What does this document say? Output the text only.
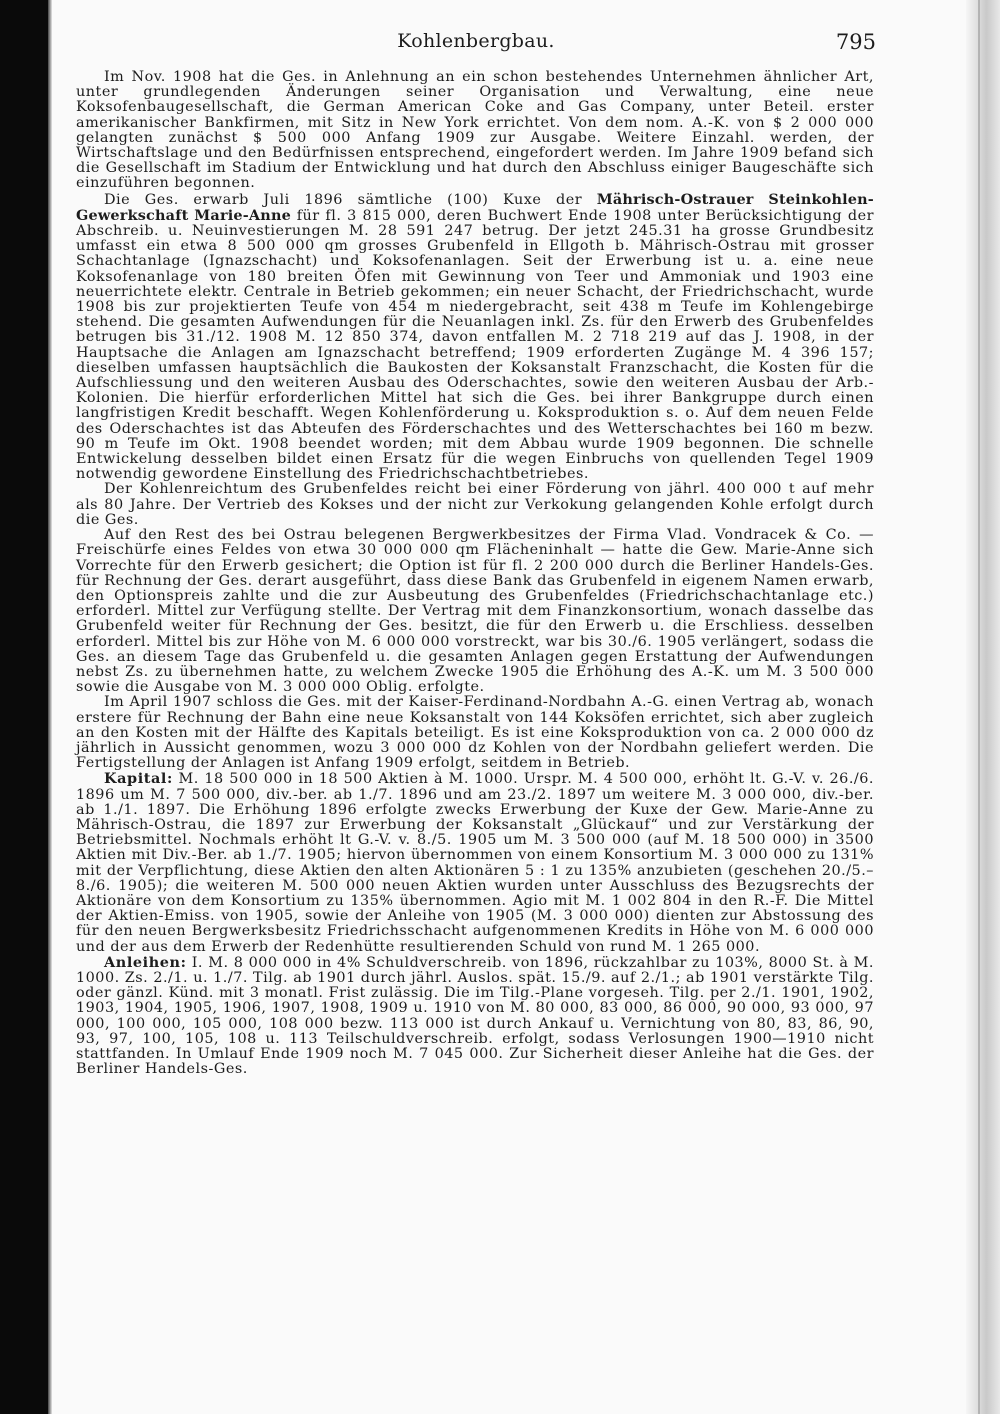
Kohlenbergbau.	795

Im Nov. 1908 hat die Ges. in Anlehnung an ein schon bestehendes Unternehmen ähnlicher Art, unter grundlegenden Änderungen seiner Organisation und Verwaltung, eine neue Koksofenbaugesellschaft, die German American Coke and Gas Company, unter Beteil. erster amerikanischer Bankfirmen, mit Sitz in New York errichtet. Von dem nom. A.-K. von $ 2 000 000 gelangten zunächst $ 500 000 Anfang 1909 zur Ausgabe. Weitere Einzahl. werden, der Wirtschaftslage und den Bedürfnissen entsprechend, eingefordert werden. Im Jahre 1909 befand sich die Gesellschaft im Stadium der Entwicklung und hat durch den Abschluss einiger Baugeschäfte sich einzuführen begonnen.

Die Ges. erwarb Juli 1896 sämtliche (100) Kuxe der Mährisch-Ostrauer Steinkohlen-Gewerkschaft Marie-Anne für fl. 3 815 000, deren Buchwert Ende 1908 unter Berücksichtigung der Abschreib. u. Neuinvestierungen M. 28 591 247 betrug. Der jetzt 245.31 ha grosse Grundbesitz umfasst ein etwa 8 500 000 qm grosses Grubenfeld in Ellgoth b. Mährisch-Ostrau mit grosser Schachtanlage (Ignazschacht) und Koksofenanlagen. Seit der Erwerbung ist u. a. eine neue Koksofenanlage von 180 breiten Öfen mit Gewinnung von Teer und Ammoniak und 1903 eine neuerrichtete elektr. Centrale in Betrieb gekommen; ein neuer Schacht, der Friedrichschacht, wurde 1908 bis zur projektierten Teufe von 454 m niedergebracht, seit 438 m Teufe im Kohlengebirge stehend. Die gesamten Aufwendungen für die Neuanlagen inkl. Zs. für den Erwerb des Grubenfeldes betrugen bis 31./12. 1908 M. 12 850 374, davon entfallen M. 2 718 219 auf das J. 1908, in der Hauptsache die Anlagen am Ignazschacht betreffend; 1909 erforderten Zugänge M. 4 396 157; dieselben umfassen hauptsächlich die Baukosten der Koksanstalt Franzschacht, die Kosten für die Aufschliessung und den weiteren Ausbau des Oderschachtes, sowie den weiteren Ausbau der Arb.-Kolonien. Die hierfür erforderlichen Mittel hat sich die Ges. bei ihrer Bankgruppe durch einen langfristigen Kredit beschafft. Wegen Kohlenförderung u. Koksproduktion s. o. Auf dem neuen Felde des Oderschachtes ist das Abteufen des Förderschachtes und des Wetterschachtes bei 160 m bezw. 90 m Teufe im Okt. 1908 beendet worden; mit dem Abbau wurde 1909 begonnen. Die schnelle Entwickelung desselben bildet einen Ersatz für die wegen Einbruchs von quellenden Tegel 1909 notwendig gewordene Einstellung des Friedrichschachtbetriebes.

Der Kohlenreichtum des Grubenfeldes reicht bei einer Förderung von jährl. 400 000 t auf mehr als 80 Jahre. Der Vertrieb des Kokses und der nicht zur Verkokung gelangenden Kohle erfolgt durch die Ges.

Auf den Rest des bei Ostrau belegenen Bergwerkbesitzes der Firma Vlad. Vondracek & Co. — Freischürfe eines Feldes von etwa 30 000 000 qm Flächeninhalt — hatte die Gew. Marie-Anne sich Vorrechte für den Erwerb gesichert; die Option ist für fl. 2 200 000 durch die Berliner Handels-Ges. für Rechnung der Ges. derart ausgeführt, dass diese Bank das Grubenfeld in eigenem Namen erwarb, den Optionspreis zahlte und die zur Ausbeutung des Grubenfeldes (Friedrichschachtanlage etc.) erforderl. Mittel zur Verfügung stellte. Der Vertrag mit dem Finanzkonsortium, wonach dasselbe das Grubenfeld weiter für Rechnung der Ges. besitzt, die für den Erwerb u. die Erschliess. desselben erforderl. Mittel bis zur Höhe von M. 6 000 000 vorstreckt, war bis 30./6. 1905 verlängert, sodass die Ges. an diesem Tage das Grubenfeld u. die gesamten Anlagen gegen Erstattung der Aufwendungen nebst Zs. zu übernehmen hatte, zu welchem Zwecke 1905 die Erhöhung des A.-K. um M. 3 500 000 sowie die Ausgabe von M. 3 000 000 Oblig. erfolgte.

Im April 1907 schloss die Ges. mit der Kaiser-Ferdinand-Nordbahn A.-G. einen Vertrag ab, wonach erstere für Rechnung der Bahn eine neue Koksanstalt von 144 Koksöfen errichtet, sich aber zugleich an den Kosten mit der Hälfte des Kapitals beteiligt. Es ist eine Koksproduktion von ca. 2 000 000 dz jährlich in Aussicht genommen, wozu 3 000 000 dz Kohlen von der Nordbahn geliefert werden. Die Fertigstellung der Anlagen ist Anfang 1909 erfolgt, seitdem in Betrieb.

Kapital: M. 18 500 000 in 18 500 Aktien à M. 1000. Urspr. M. 4 500 000, erhöht lt. G.-V. v. 26./6. 1896 um M. 7 500 000, div.-ber. ab 1./7. 1896 und am 23./2. 1897 um weitere M. 3 000 000, div.-ber. ab 1./1. 1897. Die Erhöhung 1896 erfolgte zwecks Erwerbung der Kuxe der Gew. Marie-Anne zu Mährisch-Ostrau, die 1897 zur Erwerbung der Koksanstalt „Glückauf“ und zur Verstärkung der Betriebsmittel. Nochmals erhöht lt G.-V. v. 8./5. 1905 um M. 3 500 000 (auf M. 18 500 000) in 3500 Aktien mit Div.-Ber. ab 1./7. 1905; hiervon übernommen von einem Konsortium M. 3 000 000 zu 131% mit der Verpflichtung, diese Aktien den alten Aktionären 5 : 1 zu 135% anzubieten (geschehen 20./5.–8./6. 1905); die weiteren M. 500 000 neuen Aktien wurden unter Ausschluss des Bezugsrechts der Aktionäre von dem Konsortium zu 135% übernommen. Agio mit M. 1 002 804 in den R.-F. Die Mittel der Aktien-Emiss. von 1905, sowie der Anleihe von 1905 (M. 3 000 000) dienten zur Abstossung des für den neuen Bergwerksbesitz Friedrichsschacht aufgenommenen Kredits in Höhe von M. 6 000 000 und der aus dem Erwerb der Redenhütte resultierenden Schuld von rund M. 1 265 000.

Anleihen: I. M. 8 000 000 in 4% Schuldverschreib. von 1896, rückzahlbar zu 103%, 8000 St. à M. 1000. Zs. 2./1. u. 1./7. Tilg. ab 1901 durch jährl. Auslos. spät. 15./9. auf 2./1.; ab 1901 verstärkte Tilg. oder gänzl. Künd. mit 3 monatl. Frist zulässig. Die im Tilg.-Plane vorgeseh. Tilg. per 2./1. 1901, 1902, 1903, 1904, 1905, 1906, 1907, 1908, 1909 u. 1910 von M. 80 000, 83 000, 86 000, 90 000, 93 000, 97 000, 100 000, 105 000, 108 000 bezw. 113 000 ist durch Ankauf u. Vernichtung von 80, 83, 86, 90, 93, 97, 100, 105, 108 u. 113 Teilschuldverschreib. erfolgt, sodass Verlosungen 1900—1910 nicht stattfanden. In Umlauf Ende 1909 noch M. 7 045 000. Zur Sicherheit dieser Anleihe hat die Ges. der Berliner Handels-Ges.
